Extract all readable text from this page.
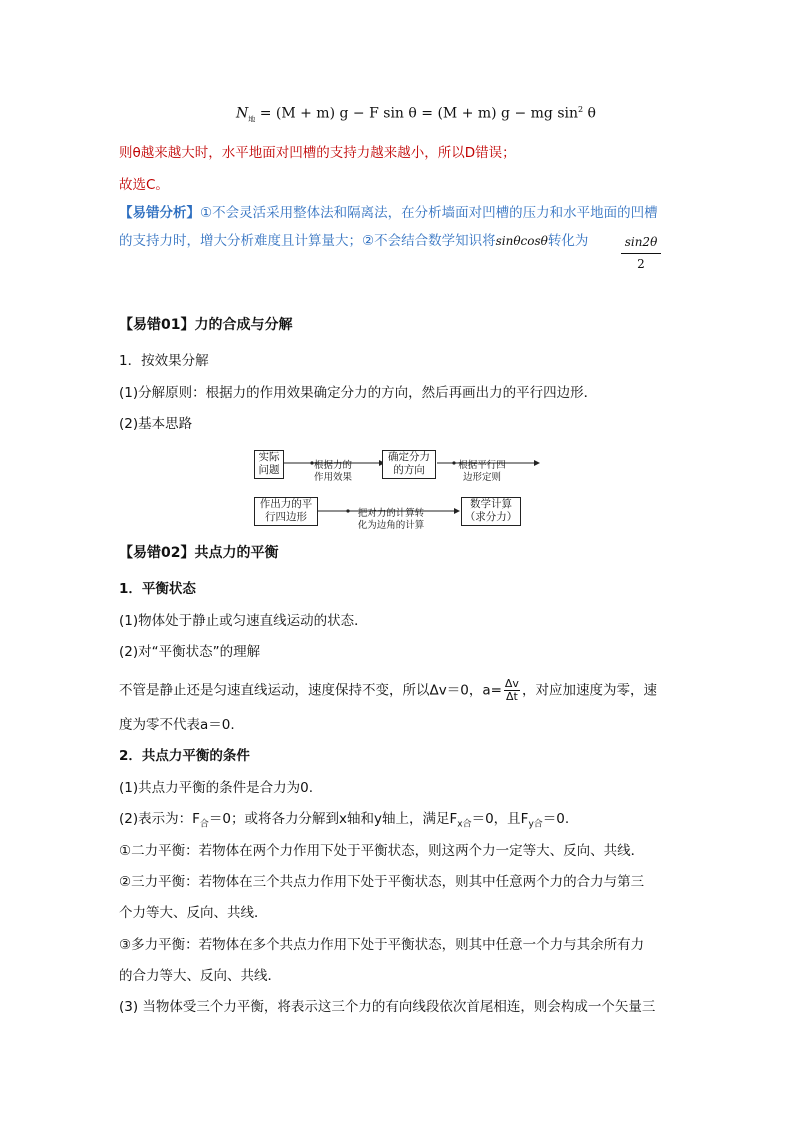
$N_地 = (M + m) g - F$ sin θ = (M + m) g − mg $\sin^2 \theta$
则θ越来越大时，水平地面对凹槽的支持力越来越小，所以D错误；
故选C。
【易错分析】①不会灵活采用整体法和隔离法，在分析墙面对凹槽的压力和水平地面的凹槽
的支持力时，增大分析难度且计算量大；②不会结合数学知识将sinθcosθ转化为	sin2θ
2
【易错01】力的合成与分解
1．按效果分解
(1)分解原则：根据力的作用效果确定分力的方向，然后再画出力的平行四边形．
(2)基本思路
实际
问题	根据力的
作用效果
确定分力
的方向	根据平行四
边形定则
作出力的平
行四边形	把对力的计算转
化为边角的计算
数学计算
（求分力）
【易错02】共点力的平衡
1．平衡状态
(1)物体处于静止或匀速直线运动的状态．
(2)对“平衡状态”的理解
不管是静止还是匀速直线运动，速度保持不变，所以Δv＝0，$a= \frac{\Delta v}{\Delta t}$ ，对应加速度为零，速
度为零不代表a＝0.
2．共点力平衡的条件
(1)共点力平衡的条件是合力为0.
(2)表示为：$F_合=0$；或将各力分解到x轴和y轴上，满足$F_{x合}=0$，且$F_{y合}=0$.
①二力平衡：若物体在两个力作用下处于平衡状态，则这两个力一定等大、反向、共线．
②三力平衡：若物体在三个共点力作用下处于平衡状态，则其中任意两个力的合力与第三
个力等大、反向、共线．
③多力平衡：若物体在多个共点力作用下处于平衡状态，则其中任意一个力与其余所有力
的合力等大、反向、共线．
(3) 当物体受三个力平衡，将表示这三个力的有向线段依次首尾相连，则会构成一个矢量三
